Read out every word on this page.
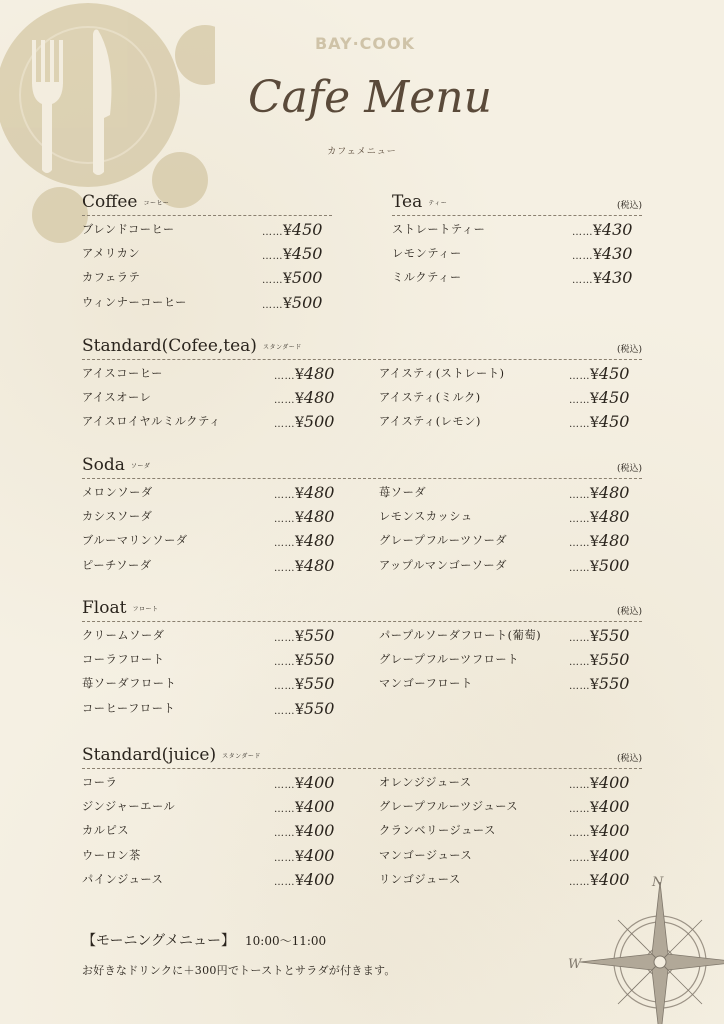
BAY·COOK
Cafe Menu
カフェメニュー
Coffee コーヒー
ブレンドコーヒー	……¥450
アメリカン	……¥450
カフェラテ	……¥500
ウィンナーコーヒー	……¥500
Tea ティー	(税込)
ストレートティー	……¥430
レモンティー	……¥430
ミルクティー	……¥430
Standard(Cofee,tea) スタンダード	(税込)
アイスコーヒー	……¥480
アイスオーレ	……¥480
アイスロイヤルミルクティ	……¥500
アイスティ(ストレート)	……¥450
アイスティ(ミルク)	……¥450
アイスティ(レモン)	……¥450
Soda ソーダ	(税込)
メロンソーダ	……¥480
カシスソーダ	……¥480
ブルーマリンソーダ	……¥480
ピーチソーダ	……¥480
苺ソーダ	……¥480
レモンスカッシュ	……¥480
グレープフルーツソーダ	……¥480
アップルマンゴーソーダ	……¥500
Float フロート	(税込)
クリームソーダ	……¥550
コーラフロート	……¥550
苺ソーダフロート	……¥550
コーヒーフロート	……¥550
パープルソーダフロート(葡萄)	……¥550
グレープフルーツフロート	……¥550
マンゴーフロート	……¥550
Standard(juice) スタンダード	(税込)
コーラ	……¥400
ジンジャーエール	……¥400
カルピス	……¥400
ウーロン茶	……¥400
パインジュース	……¥400
オレンジジュース	……¥400
グレープフルーツジュース	……¥400
クランベリージュース	……¥400
マンゴージュース	……¥400
リンゴジュース	……¥400
【モーニングメニュー】 10:00～11:00
お好きなドリンクに＋300円でトーストとサラダが付きます。
N
W
